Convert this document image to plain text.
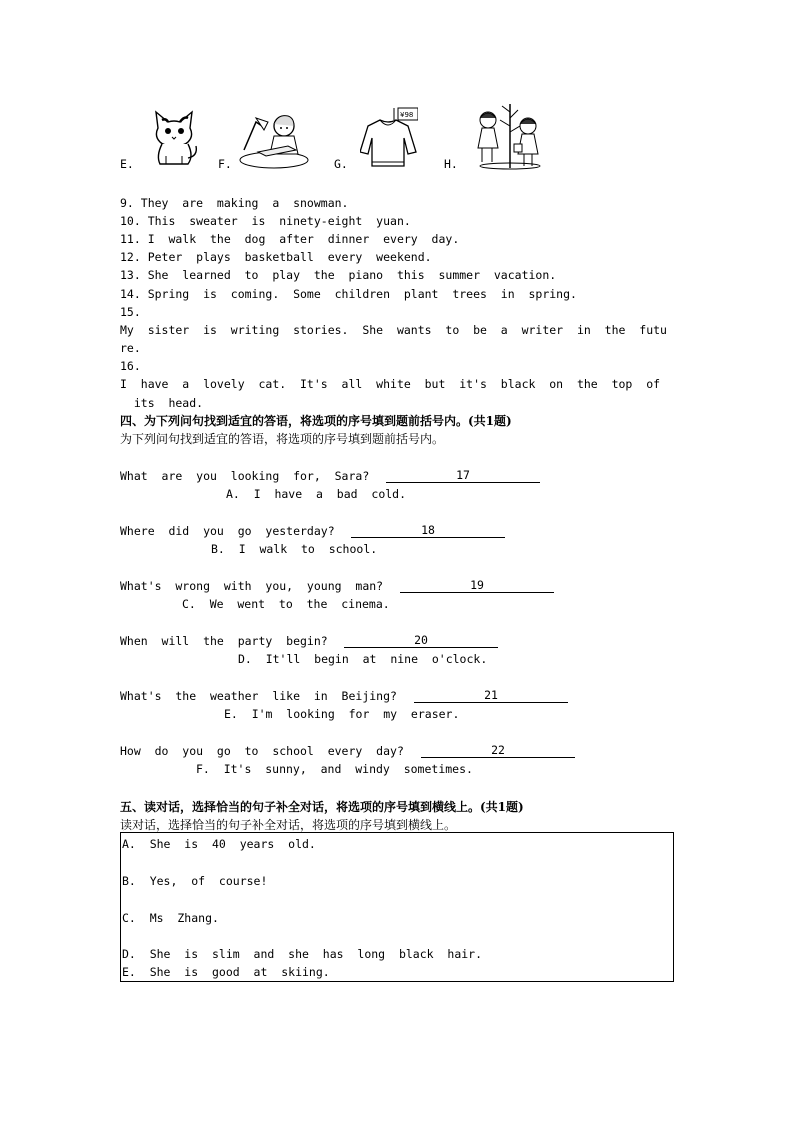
E.	F.	G.
¥98
H.
9. They  are  making  a  snowman.
10. This  sweater  is  ninety-eight  yuan.
11. I  walk  the  dog  after  dinner  every  day.
12. Peter  plays  basketball  every  weekend.
13. She  learned  to  play  the  piano  this  summer  vacation.
14. Spring  is  coming.  Some  children  plant  trees  in  spring.
15.
My  sister  is  writing  stories.  She  wants  to  be  a  writer  in  the  futu
re.
16.
I  have  a  lovely  cat.  It's  all  white  but  it's  black  on  the  top  of
its  head.
四、为下列问句找到适宜的答语，将选项的序号填到题前括号内。(共1题)
为下列问句找到适宜的答语，将选项的序号填到题前括号内。
What  are  you  looking  for,  Sara?	17
A.  I  have  a  bad  cold.
Where  did  you  go  yesterday?	18
B.  I  walk  to  school.
What's  wrong  with  you,  young  man?	19
C.  We  went  to  the  cinema.
When  will  the  party  begin?	20
D.  It'll  begin  at  nine  o'clock.
What's  the  weather  like  in  Beijing?	21
E.  I'm  looking  for  my  eraser.
How  do  you  go  to  school  every  day?	22
F.  It's  sunny,  and  windy  sometimes.
五、读对话，选择恰当的句子补全对话，将选项的序号填到横线上。(共1题)
读对话，选择恰当的句子补全对话，将选项的序号填到横线上。
A.  She  is  40  years  old.
B.  Yes,  of  course!
C.  Ms  Zhang.
D.  She  is  slim  and  she  has  long  black  hair.
E.  She  is  good  at  skiing.
